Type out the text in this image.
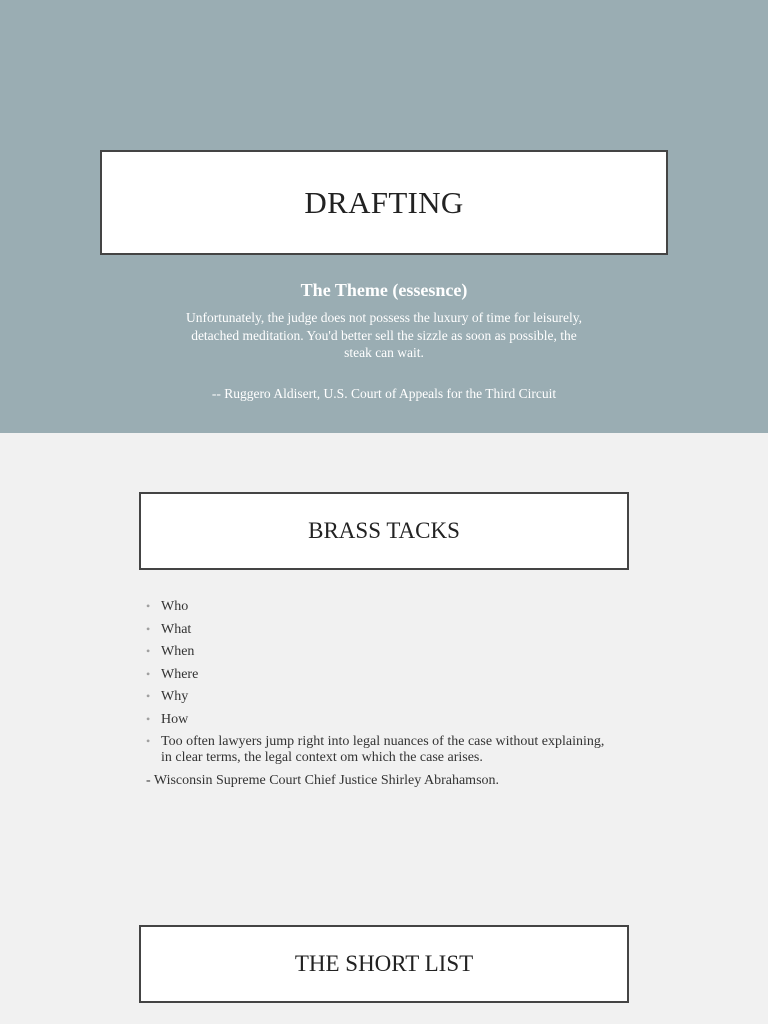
DRAFTING
The Theme (essesnce)
Unfortunately, the judge does not possess the luxury of time for leisurely, detached meditation. You'd better sell the sizzle as soon as possible, the steak can wait.
-- Ruggero Aldisert, U.S. Court of Appeals for the Third Circuit
BRASS TACKS
• Who
• What
• When
• Where
• Why
• How
• Too often lawyers jump right into legal nuances of the case without explaining, in clear terms, the legal context om which the case arises.
- Wisconsin Supreme Court Chief Justice Shirley Abrahamson.
THE SHORT LIST
